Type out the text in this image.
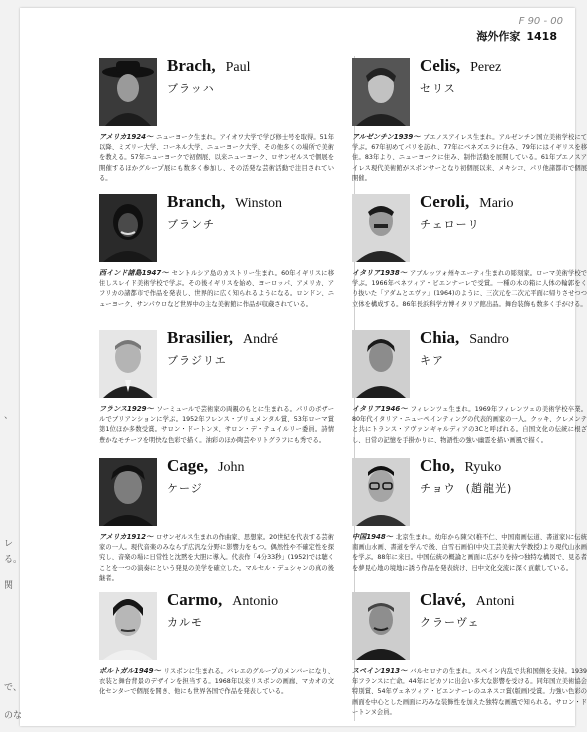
F 90 - 00
海外作家 1418
、
レ
る。
関
で、
のな
Brach, Paul
ブラッハ
アメリカ1924〜 ニューヨーク生まれ。アイオワ大学で学び修士号を取得。51年以降、ミズリー大学、コーネル大学、ニューヨーク大学、その他多くの場所で美術を教える。57年ニューヨークで初個展、以来ニューヨーク、ロサンゼルスで個展を開催するほかグループ展にも数多く参加し、その活発な芸術活動で注目されている。
Celis, Perez
セリス
アルゼンチン1939〜 ブエノスアイレス生まれ。アルゼンチン国立美術学校にて学ぶ。67年初めてパリを訪れ、77年にベネズエラに住み、79年にはイギリスを移住。83年より、ニューヨークに住み、制作活動を展開している。61年ブエノスアイレス現代美術館がスポンサーとなり初個展以来、メキシコ、パリ他諸都市で個展開催。
Branch, Winston
ブランチ
西インド諸島1947〜 セントルシア島のカストリー生まれ。60年イギリスに移住しスレイド美術学校で学ぶ。その後イギリスを始め、ヨーロッパ、アメリカ、アフリカの諸都市で作品を発表し、世界的に広く知られるようになる。ロンドン、ニューヨーク、サンパウロなど世界中の主な美術館に作品が収蔵されている。
Ceroli, Mario
チェローリ
イタリア1938〜 アブルッツォ州キエーティ生まれの彫刻家。ローマ美術学校で学ぶ。1966年ベネツィア・ビエンナーレで受賞。一種の木の箱に人体の輪郭をくり抜いた「アダムとエヴァ」(1964)のように、三次元を二次元平面に帰りさせつつ立体を構成する。86年長浜科学方博イタリア館出品。舞台装飾も数多く手がける。
Brasilier, André
ブラジリエ
フランス1929〜 ソーミュールで芸術家の両親のもとに生まれる。パリのボザールでブリアンションに学ぶ。1952年フレンス・ブリュメンタル賞、53年ローマ賞第1位ほか多数受賞。サロン・ドートンヌ、サロン・デ・テュイルリー委員。詩情豊かなモチーフを明快な色彩で描く。油彩のほか陶芸やリトグラフにも秀でる。
Chia, Sandro
キア
イタリア1946〜 フィレンツェ生まれ。1969年フィレンツェの美術学校卒業。80年代イタリア・ニューペインティングの代表的画家の一人。クッキ、クレメンテと共にトランス・アヴァンギャルディアの3Cと呼ばれる。自国文化の伝統に根ざし、日常の記憶を手掛かりに、物語性の強い幽霊を描い画風で描く。
Cage, John
ケージ
アメリカ1912〜 ロサンゼルス生まれの作曲家、思想家。20世紀を代表する芸術家の一人。現代音楽のみならず広汎な分野に影響力をもつ。偶然性や不確定性を探究し、音楽の場に日常性と沈黙を大胆に導入。代表作「4分33秒」(1952)では聴くことを一つの演奏にという発見の美学を確立した。マルセル・デュシャンの真の後継者。
Cho, Ryuko
チョウ (趙龍光)
中国1948〜 北京生まれ。幼年から陳父(稚不仁、中国南画伝道、書道家)に伝統南画山水画、書道を学んで後、白雪石画伯(中央工芸美術大学教授)より現代山水画を学ぶ。88年に来日。中国伝統の概論と画面に広がりを持つ独特な構図で、見る者を夢見心地の境地に誘う作品を発表続け、日中文化交流に深く貢献している。
Carmo, Antonio
カルモ
ポルトガル1949〜 リスボンに生まれる。バレエのグループのメンバーになり、衣装と舞台背景のデザインを担当する。1968年以来リスボンの画廊、マカオの文化センターで個展を開き、他にも世界各国で作品を発表している。
Clavé, Antoni
クラーヴェ
スペイン1913〜 バルセロナの生まれ。スペイン内乱で共和国側を支持。1939年フランスに亡命。44年にピカソに出会い多大な影響を受ける。同年国立美術協会特別賞、54年ヴェネツィア・ビエンナーレのユネスコ賞(版画)受賞。力強い色彩の画面を中心とした画面に巧みな装飾性を加えた独特な画風で知られる。サロン・ドートンヌ会員。
